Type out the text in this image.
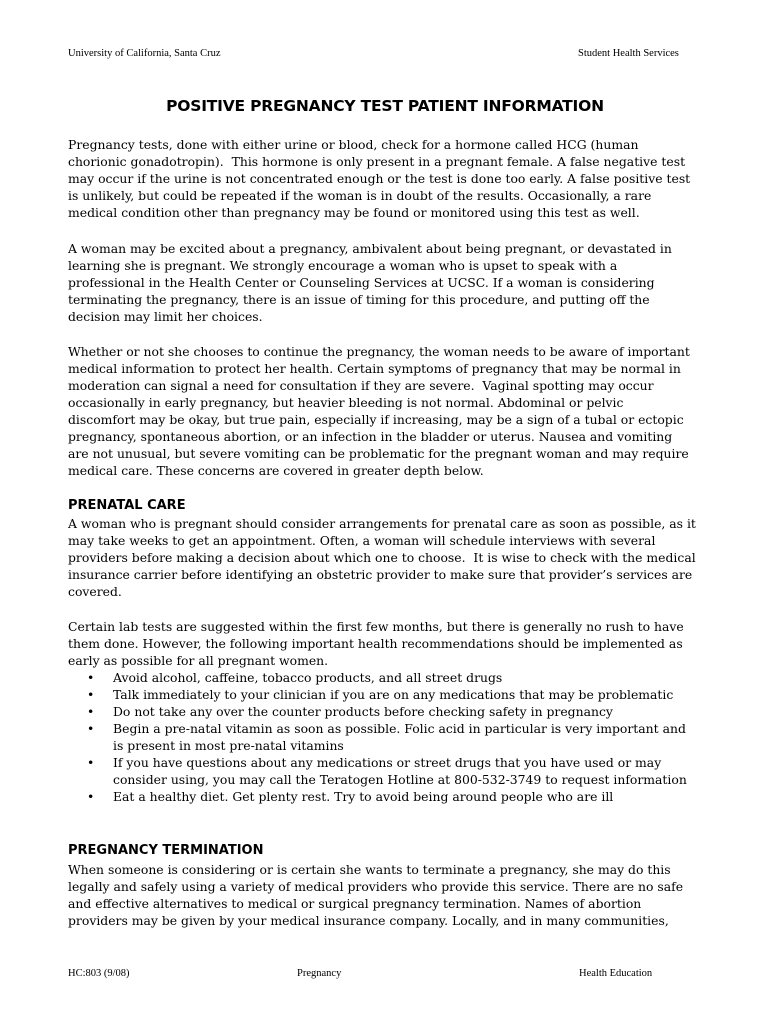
University of California, Santa Cruz	Student Health Services
POSITIVE PREGNANCY TEST PATIENT INFORMATION
Pregnancy tests, done with either urine or blood, check for a hormone called HCG (human
chorionic gonadotropin).  This hormone is only present in a pregnant female. A false negative test
may occur if the urine is not concentrated enough or the test is done too early. A false positive test
is unlikely, but could be repeated if the woman is in doubt of the results. Occasionally, a rare
medical condition other than pregnancy may be found or monitored using this test as well.
A woman may be excited about a pregnancy, ambivalent about being pregnant, or devastated in
learning she is pregnant. We strongly encourage a woman who is upset to speak with a
professional in the Health Center or Counseling Services at UCSC. If a woman is considering
terminating the pregnancy, there is an issue of timing for this procedure, and putting off the
decision may limit her choices.
Whether or not she chooses to continue the pregnancy, the woman needs to be aware of important
medical information to protect her health. Certain symptoms of pregnancy that may be normal in
moderation can signal a need for consultation if they are severe.  Vaginal spotting may occur
occasionally in early pregnancy, but heavier bleeding is not normal. Abdominal or pelvic
discomfort may be okay, but true pain, especially if increasing, may be a sign of a tubal or ectopic
pregnancy, spontaneous abortion, or an infection in the bladder or uterus. Nausea and vomiting
are not unusual, but severe vomiting can be problematic for the pregnant woman and may require
medical care. These concerns are covered in greater depth below.
PRENATAL CARE
A woman who is pregnant should consider arrangements for prenatal care as soon as possible, as it
may take weeks to get an appointment. Often, a woman will schedule interviews with several
providers before making a decision about which one to choose.  It is wise to check with the medical
insurance carrier before identifying an obstetric provider to make sure that provider’s services are
covered.
Certain lab tests are suggested within the first few months, but there is generally no rush to have
them done. However, the following important health recommendations should be implemented as
early as possible for all pregnant women.
• Avoid alcohol, caffeine, tobacco products, and all street drugs
• Talk immediately to your clinician if you are on any medications that may be problematic
• Do not take any over the counter products before checking safety in pregnancy
• Begin a pre-natal vitamin as soon as possible. Folic acid in particular is very important and
is present in most pre-natal vitamins
• If you have questions about any medications or street drugs that you have used or may
consider using, you may call the Teratogen Hotline at 800-532-3749 to request information
• Eat a healthy diet. Get plenty rest. Try to avoid being around people who are ill
PREGNANCY TERMINATION
When someone is considering or is certain she wants to terminate a pregnancy, she may do this
legally and safely using a variety of medical providers who provide this service. There are no safe
and effective alternatives to medical or surgical pregnancy termination. Names of abortion
providers may be given by your medical insurance company. Locally, and in many communities,
HC:803 (9/08)	Pregnancy	Health Education
